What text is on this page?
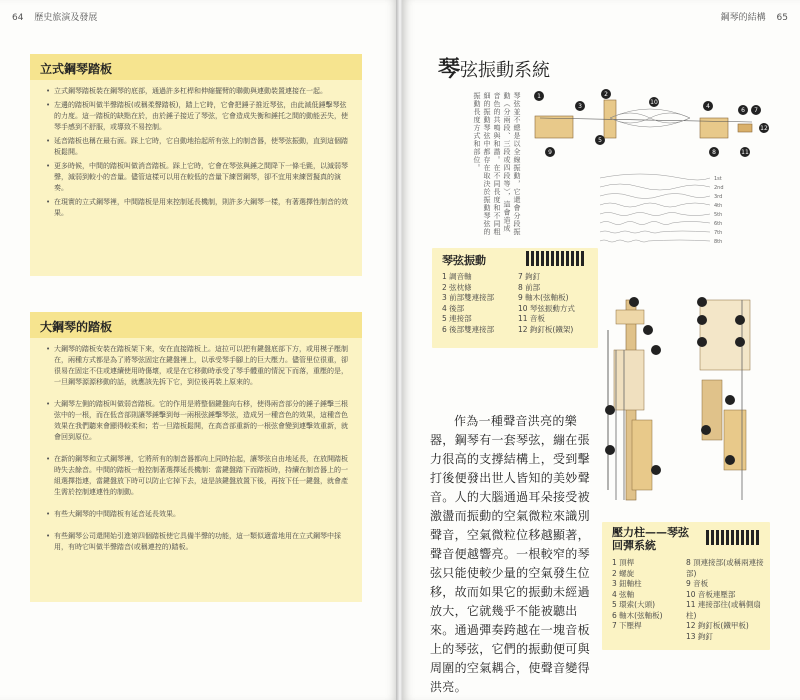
64 歷史旅演及發展
立式鋼琴踏板
• 立式鋼琴踏板裝在鋼琴的底部，通過許多杠桿和伸縮擺臂的聯動與連動裝置連接在一起。
• 左邊的踏板叫做半聲踏板(或稱柔聲踏板)，踏上它時，它會把錘子推近琴弦，由此減低錘擊琴弦的力度。這一踏板的缺點在於，由於錘子接近了琴弦，它會造成失衡和錘托之間的動能丟失，使琴手感到不舒服，或導致不易控制。
• 延音踏板也稱在最右面。踩上它時，它自動地抬起所有弦上的制音器，使琴弦振動，直到這個踏板鬆開。
• 更多時候，中間的踏板叫做消音踏板。踩上它時，它會在琴弦與錘之間降下一條毛氈，以減弱琴聲，減弱到較小的音量。儘管這樣可以用在較低的音量下練習鋼琴，卻不宜用來練習擬真的演奏。
• 在現實的立式鋼琴裡，中間踏板是用來控制延長機制，則許多大鋼琴一樣，有著選擇性制音的效果。
大鋼琴的踏板
• 大鋼琴的踏板安裝在踏板架下來，安在直接踏板上。這拉可以把有鍵盤底部下方，或用模子壓制在，兩種方式都是為了將琴弦固定在鍵盤裡上，以承受琴手腳上的巨大壓力。儘管里位很重，卻很易在固定不住或連續使用時傷壞，或是在它移動時承受了琴手體重的情況下而落，重壓的是，一旦鋼琴源源移動的話，就應該先拆下它，到位後再裝上原來的。
• 大鋼琴左側的踏板叫做弱音踏板。它的作用是將整個鍵盤向右移，使得兩音部分的錘子錘擊三根弦中的一根，而在低音部則讓琴錘擊到每一兩根弦錘擊琴弦，造成另一種音色的效果，這種音色效果在我們聽來會顯得較柔和；若一旦踏板鬆開，在高音部重新的一根弦會變到連擊效重新，就會回到原位。
• 在新的鋼琴和立式鋼琴裡，它將所有的制音器都向上同時抬起，讓琴弦自由地延長，在放開踏板時失去餘音。中間的踏板一般控制著選擇延長機制：當鍵盤踏下而踏板時，持續在制音器上的一組選擇指連，當鍵盤放下時可以防止它掉下去，這是該鍵盤放置下後，再按下任一鍵盤，就會產生需於控制連連性的制動。
• 有些大鋼琴的中間踏板有延音延長效果。
• 有些鋼琴公司還開始引進第四個踏板使它具備半聲的功能，這一類似適當地用在立式鋼琴中採用，有時它叫做半聲踏音(或稱連控的)踏板。
鋼琴的結構 65
琴弦振動系統
琴弦並不總是以全線振動，它還會分段振動（分兩段、三段或四段等），這會造成音色的共鳴與和諧。在不同長度和不同粗細的振動琴弦中都存在取決於振動琴弦的振動長度方式和部位。
1st
2nd
3rd
4th
5th
6th
7th
8th
1	2
3	4
5
6 7
8
9
10
11
12
琴弦振動
1 調音軸
2 弦枕條
3 前部雙連接部
4 後部
5 連接部
6 後部雙連接部
7 鉤釘
8 前部
9 軸木(弦軸板)
10 琴弦振動方式
11 音板
12 鉤釘板(鐵架)
作為一種聲音洪亮的樂器，鋼琴有一套琴弦，繃在張力很高的支撐結構上，受到擊打後便發出世人皆知的美妙聲音。人的大腦通過耳朵接受被激盪而振動的空氣微粒來識別聲音，空氣微粒位移越顯著，聲音便越響亮。一根較窄的琴弦只能使較少量的空氣發生位移，故而如果它的振動未經過放大，它就幾乎不能被聽出來。通過彈奏跨越在一塊音板上的琴弦，它們的振動便可與周圍的空氣耦合，使聲音變得洪亮。
壓力柱——琴弦回彈系統
1 頂桿
2 螺旋
3 鈕軸柱
4 弦軸
5 環索(大頭)
6 軸木(弦軸板)
7 下壓桿
8 頂連接部(或稱兩連接部)
9 音板
10 音板連壓部
11 連接部往(或稱側扇柱)
12 鉤釘板(鐵甲板)
13 鉤釘
